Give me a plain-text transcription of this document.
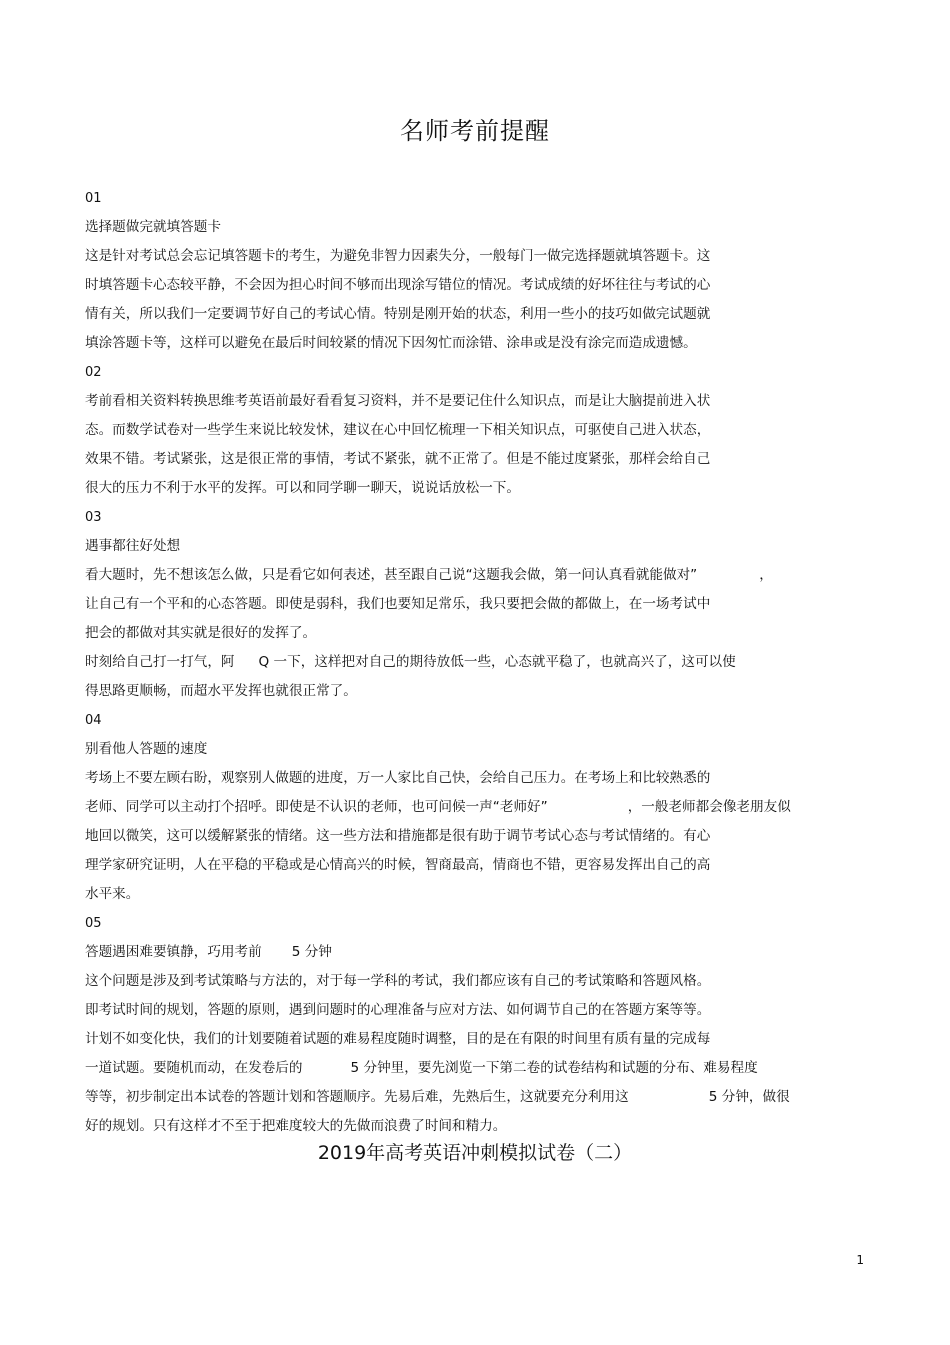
名师考前提醒
01
选择题做完就填答题卡
这是针对考试总会忘记填答题卡的考生，为避免非智力因素失分，一般每门一做完选择题就填答题卡。这
时填答题卡心态较平静，不会因为担心时间不够而出现涂写错位的情况。考试成绩的好坏往往与考试的心
情有关，所以我们一定要调节好自己的考试心情。特别是刚开始的状态，利用一些小的技巧如做完试题就
填涂答题卡等，这样可以避免在最后时间较紧的情况下因匆忙而涂错、涂串或是没有涂完而造成遗憾。
02
考前看相关资料转换思维考英语前最好看看复习资料，并不是要记住什么知识点，而是让大脑提前进入状
态。而数学试卷对一些学生来说比较发怵，建议在心中回忆梳理一下相关知识点，可驱使自己进入状态，
效果不错。考试紧张，这是很正常的事情，考试不紧张，就不正常了。但是不能过度紧张，那样会给自己
很大的压力不利于水平的发挥。可以和同学聊一聊天，说说话放松一下。
03
遇事都往好处想
看大题时，先不想该怎么做，只是看它如何表述，甚至跟自己说“这题我会做，第一问认真看就能做对”	，
让自己有一个平和的心态答题。即使是弱科，我们也要知足常乐，我只要把会做的都做上，在一场考试中
把会的都做对其实就是很好的发挥了。
时刻给自己打一打气，阿 Q 一下，这样把对自己的期待放低一些，心态就平稳了，也就高兴了，这可以使
得思路更顺畅，而超水平发挥也就很正常了。
04
别看他人答题的速度
考场上不要左顾右盼，观察别人做题的进度，万一人家比自己快，会给自己压力。在考场上和比较熟悉的
老师、同学可以主动打个招呼。即使是不认识的老师，也可问候一声“老师好”	，一般老师都会像老朋友似
地回以微笑，这可以缓解紧张的情绪。这一些方法和措施都是很有助于调节考试心态与考试情绪的。有心
理学家研究证明，人在平稳的平稳或是心情高兴的时候，智商最高，情商也不错，更容易发挥出自己的高
水平来。
05
答题遇困难要镇静，巧用考前 5 分钟
这个问题是涉及到考试策略与方法的，对于每一学科的考试，我们都应该有自己的考试策略和答题风格。
即考试时间的规划，答题的原则，遇到问题时的心理准备与应对方法、如何调节自己的在答题方案等等。
计划不如变化快，我们的计划要随着试题的难易程度随时调整，目的是在有限的时间里有质有量的完成每
一道试题。要随机而动，在发卷后的	5 分钟里，要先浏览一下第二卷的试卷结构和试题的分布、难易程度
等等，初步制定出本试卷的答题计划和答题顺序。先易后难，先熟后生，这就要充分利用这	5 分钟，做很
好的规划。只有这样才不至于把难度较大的先做而浪费了时间和精力。
2019年高考英语冲刺模拟试卷（二）
1
